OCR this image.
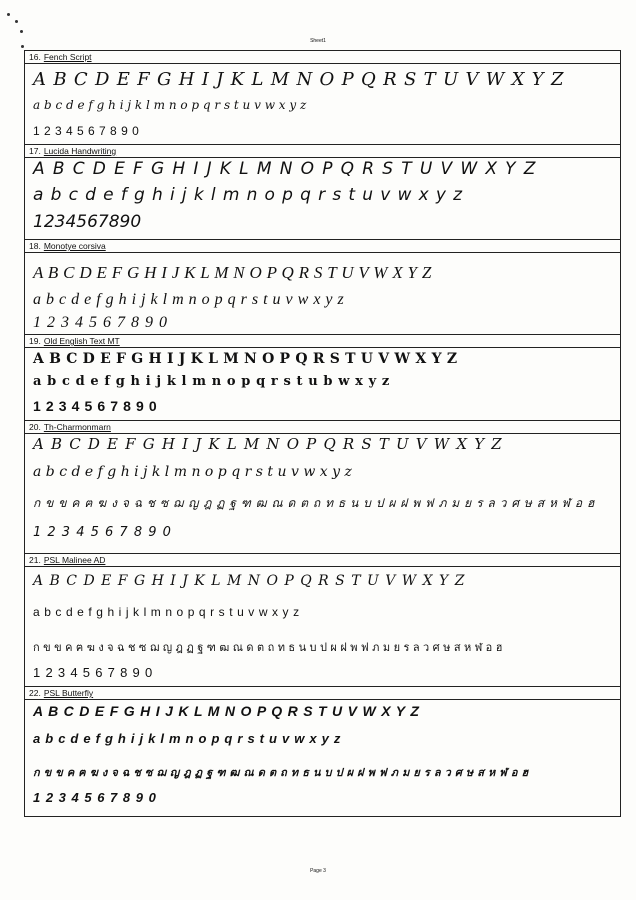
Sheet1
16. Fench Script
A B C D E F G H I J K L M N O P Q R S T U V W X Y Z
a b c d e f g h i j k l m n o p q r s t u v w x y z
1 2 3 4 5 6 7 8 9 0
17. Lucida Handwriting
A B C D E F G H I J K L M N O P Q R S T U V W X Y Z
a b c d e f g h i j k l m n o p q r s t u v w x y z
1234567890
18. Monotye corsiva
A B C D E F G H I J K L M N O P Q R S T U V W X Y Z
a b c d e f g h i j k l m n o p q r s t u v w x y z
1 2 3 4 5 6 7 8 9 0
19. Old English Text MT
A B C D E F G H I J K L M N O P Q R S T U V W X Y Z
a b c d e f g h i j k l m n o p q r s t u b w x y z
1 2 3 4 5 6 7 8 9 0
20. Th-Charmonmarn
A B C D E F G H I J K L M N O P Q R S T U V W X Y Z
a b c d e f g h i j k l m n o p q r s t u v w x y z
ก ข ข ค ฅ ฆ ง จ ฉ ช ซ ฌ ญ ฎ ฏ ฐ ฑ ฒ ณ ด ต ถ ท ธ น บ ป ผ ฝ พ ฟ ภ ม ย ร ล ว ศ ษ ส ห ฬ อ ฮ
1 2 3 4 5 6 7 8 9 0
21. PSL Malinee AD
A B C D E F G H I J K L M N O P Q R S T U V W X Y Z
a b c d e f g h i j k l m n o p q r s t u v w x y z
ก ข ข ค ฅ ฆ ง จ ฉ ช ซ ฌ ญ ฎ ฏ ฐ ฑ ฒ ณ ด ต ถ ท ธ น บ ป ผ ฝ พ ฟ ภ ม ย ร ล ว ศ ษ ส ห ฬ อ ฮ
1 2 3 4 5 6 7 8 9 0
22. PSL Butterfly
A B C D E F G H I J K L M N O P Q R S T U V W X Y Z
a b c d e f g h i j k l m n o p q r s t u v w x y z
ก ข ข ค ฅ ฆ ง จ ฉ ช ซ ฌ ญ ฎ ฏ ฐ ฑ ฒ ณ ด ต ถ ท ธ น บ ป ผ ฝ พ ฟ ภ ม ย ร ล ว ศ ษ ส ห ฬ อ ฮ
1 2 3 4 5 6 7 8 9 0
Page 3
